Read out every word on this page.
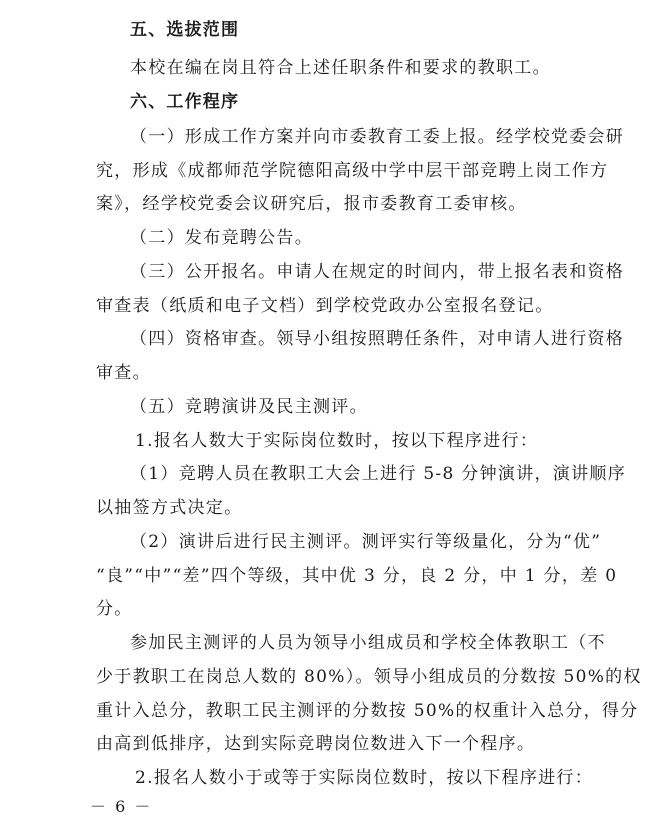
五、选拔范围
本校在编在岗且符合上述任职条件和要求的教职工。
六、工作程序
（一）形成工作方案并向市委教育工委上报。经学校党委会研
究，形成《成都师范学院德阳高级中学中层干部竞聘上岗工作方
案》，经学校党委会议研究后，报市委教育工委审核。
（二）发布竞聘公告。
（三）公开报名。申请人在规定的时间内，带上报名表和资格
审查表（纸质和电子文档）到学校党政办公室报名登记。
（四）资格审查。领导小组按照聘任条件，对申请人进行资格
审查。
（五）竞聘演讲及民主测评。
1.报名人数大于实际岗位数时，按以下程序进行：
（1）竞聘人员在教职工大会上进行 5-8 分钟演讲，演讲顺序
以抽签方式决定。
（2）演讲后进行民主测评。测评实行等级量化，分为“优”
“良”“中”“差”四个等级，其中优 3 分，良 2 分，中 1 分，差 0
分。
参加民主测评的人员为领导小组成员和学校全体教职工（不
少于教职工在岗总人数的 80%）。领导小组成员的分数按 50%的权
重计入总分，教职工民主测评的分数按 50%的权重计入总分，得分
由高到低排序，达到实际竞聘岗位数进入下一个程序。
2.报名人数小于或等于实际岗位数时，按以下程序进行：
－ 6 －
